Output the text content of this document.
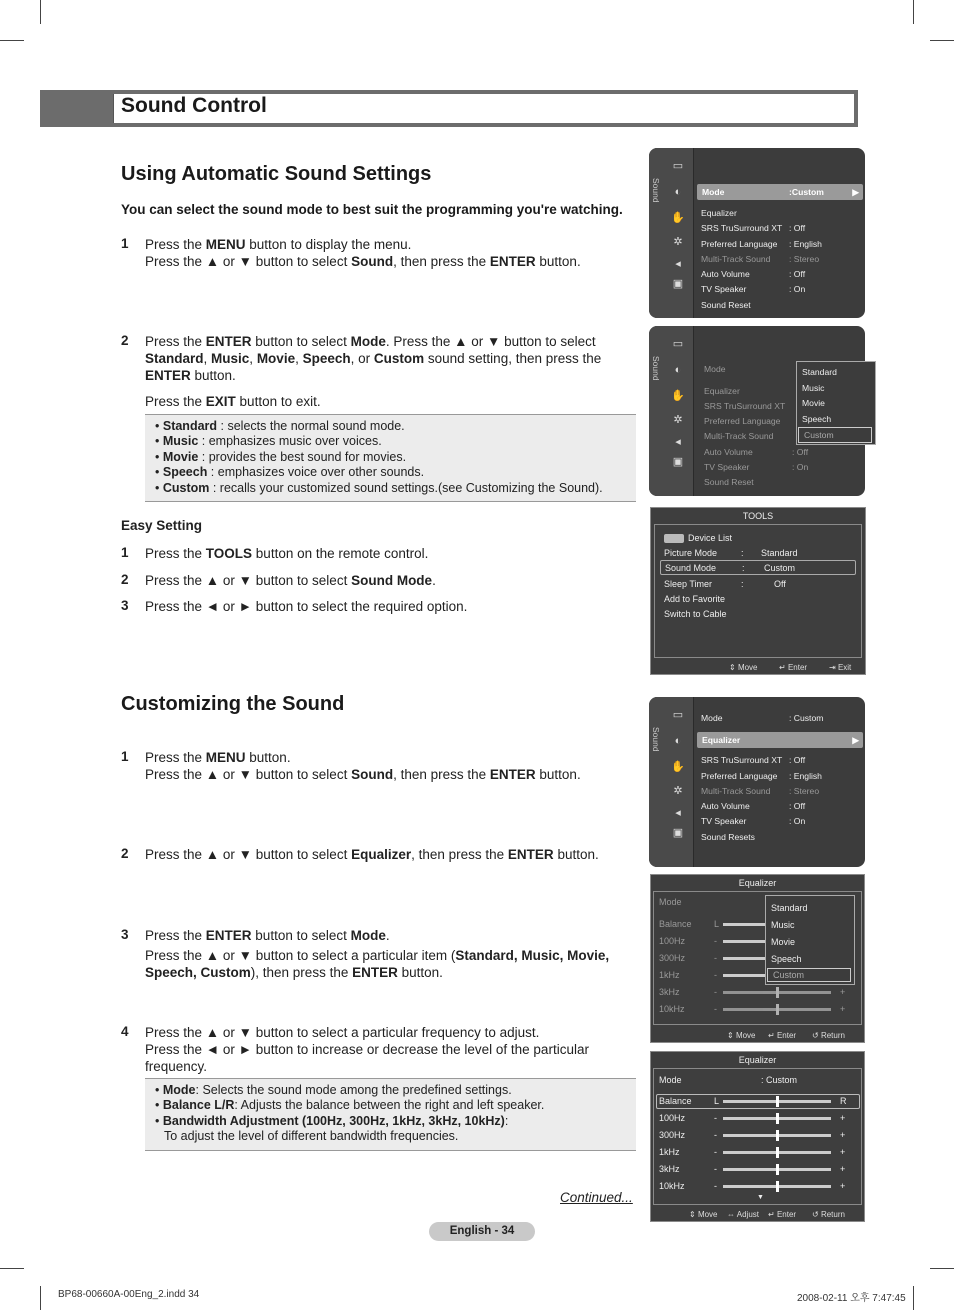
Sound Control
Using Automatic Sound Settings
You can select the sound mode to best suit the programming you're watching.
1 Press the MENU button to display the menu.
Press the ▲ or ▼ button to select Sound, then press the ENTER button.
2 Press the ENTER button to select Mode. Press the ▲ or ▼ button to select
Standard, Music, Movie, Speech, or Custom sound setting, then press the
ENTER button.
Press the EXIT button to exit.
• Standard : selects the normal sound mode.
• Music : emphasizes music over voices.
• Movie : provides the best sound for movies.
• Speech : emphasizes voice over other sounds.
• Custom : recalls your customized sound settings.(see Customizing the Sound).
Easy Setting
1 Press the TOOLS button on the remote control.
2 Press the ▲ or ▼ button to select Sound Mode.
3 Press the ◄ or ► button to select the required option.
Customizing the Sound
1 Press the MENU button.
Press the ▲ or ▼ button to select Sound, then press the ENTER button.
2 Press the ▲ or ▼ button to select Equalizer, then press the ENTER button.
3 Press the ENTER button to select Mode.
Press the ▲ or ▼ button to select a particular item (Standard, Music, Movie,
Speech, Custom), then press the ENTER button.
4 Press the ▲ or ▼ button to select a particular frequency to adjust.
Press the ◄ or ► button to increase or decrease the level of the particular
frequency.
• Mode: Selects the sound mode among the predefined settings.
• Balance L/R: Adjusts the balance between the right and left speaker.
• Bandwidth Adjustment (100Hz, 300Hz, 1kHz, 3kHz, 10kHz):
To adjust the level of different bandwidth frequencies.
Continued...
English - 34
BP68-00660A-00Eng_2.indd 34	2008-02-11 오후 7:47:45
Sound
▭
◐
✋
✲
◂
▣
Mode	:Custom	▶
Equalizer
SRS TruSurround XT : Off
Preferred Language : English
Multi-Track Sound : Stereo
Auto Volume	: Off
TV Speaker	: On
Sound Reset
Sound
▭
◐
✋
✲
◂
▣
Mode
Equalizer
SRS TruSurround XT
Preferred Language
Multi-Track Sound
Auto Volume	: Off
TV Speaker	: On
Sound Reset
Standard
Music
Movie
Speech
Custom
TOOLS
Device List
Picture Mode	: Standard
Sound Mode	: Custom
Sleep Timer	:	Off
Add to Favorite
Switch to Cable
⇕ Move	↵ Enter	⇥ Exit
Sound
▭
◐
✋
✲
◂
▣
Mode	: Custom
Equalizer	▶
SRS TruSurround XT : Off
Preferred Language : English
Multi-Track Sound : Stereo
Auto Volume	: Off
TV Speaker	: On
Sound Resets
Equalizer
Mode
Balance L
100Hz	-
300Hz	-
1kHz	-
3kHz	-	+
10kHz	-	+
⇕ Move ↵ Enter ↺ Return
Standard
Music
Movie
Speech
Custom
Equalizer
Mode	: Custom
Balance L	R
100Hz	-	+
300Hz	-	+
1kHz	-	+
3kHz	-	+
10kHz	-	+
▼
⇕ Move ⇔ Adjust ↵ Enter ↺ Return
